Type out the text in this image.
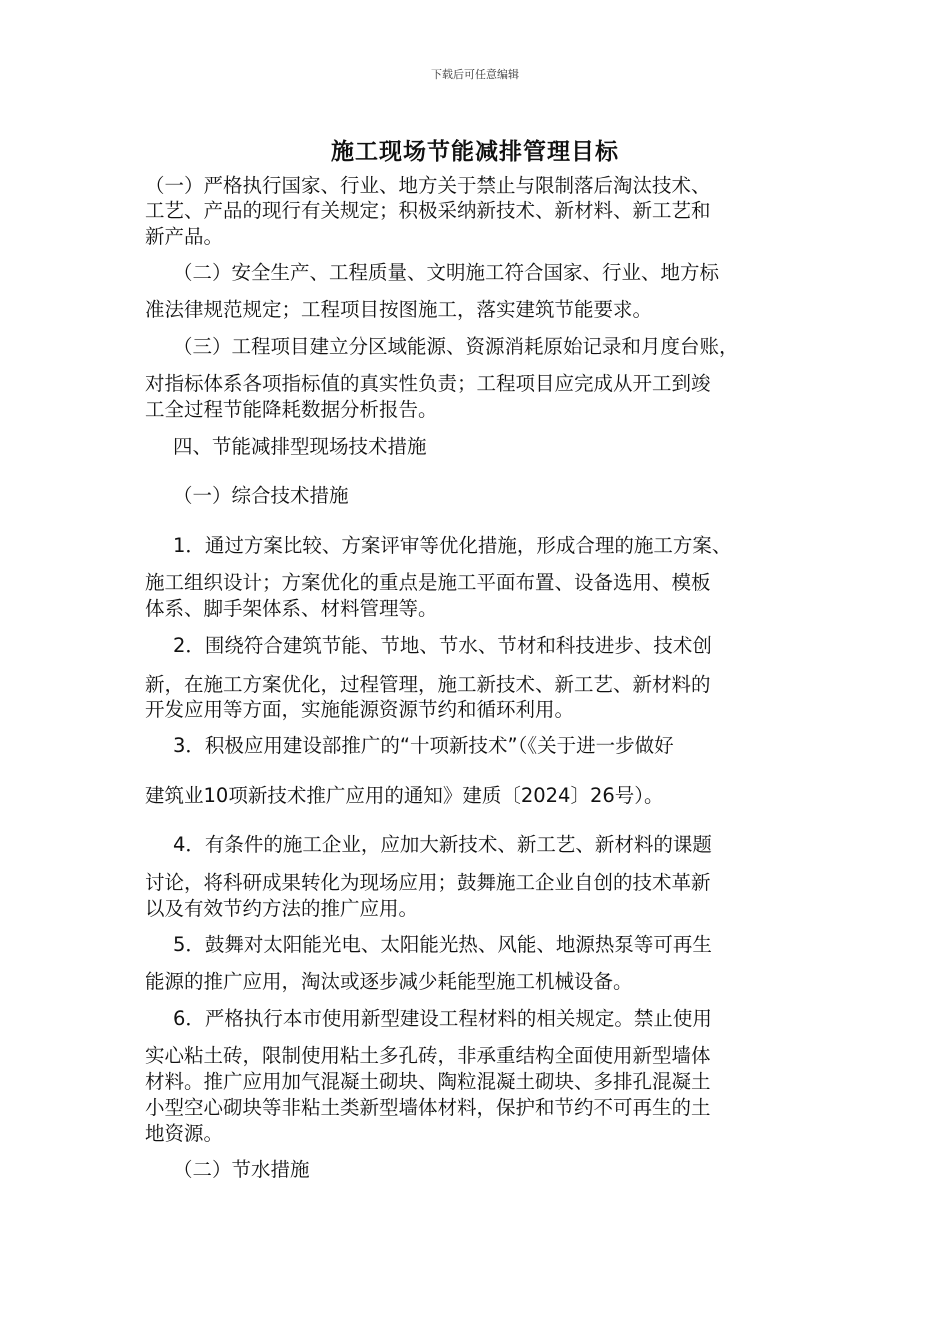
下载后可任意编辑
施工现场节能减排管理目标
（一）严格执行国家、行业、地方关于禁止与限制落后淘汰技术、
工艺、产品的现行有关规定；积极采纳新技术、新材料、新工艺和
新产品。
（二）安全生产、工程质量、文明施工符合国家、行业、地方标
准法律规范规定；工程项目按图施工，落实建筑节能要求。
（三）工程项目建立分区域能源、资源消耗原始记录和月度台账，
对指标体系各项指标值的真实性负责；工程项目应完成从开工到竣
工全过程节能降耗数据分析报告。
四、节能减排型现场技术措施
（一）综合技术措施
1．通过方案比较、方案评审等优化措施，形成合理的施工方案、
施工组织设计；方案优化的重点是施工平面布置、设备选用、模板
体系、脚手架体系、材料管理等。
2．围绕符合建筑节能、节地、节水、节材和科技进步、技术创
新，在施工方案优化，过程管理，施工新技术、新工艺、新材料的
开发应用等方面，实施能源资源节约和循环利用。
3．积极应用建设部推广的“十项新技术”（《关于进一步做好
建筑业10项新技术推广应用的通知》建质〔2024〕26号）。
4．有条件的施工企业，应加大新技术、新工艺、新材料的课题
讨论，将科研成果转化为现场应用；鼓舞施工企业自创的技术革新
以及有效节约方法的推广应用。
5．鼓舞对太阳能光电、太阳能光热、风能、地源热泵等可再生
能源的推广应用，淘汰或逐步减少耗能型施工机械设备。
6．严格执行本市使用新型建设工程材料的相关规定。禁止使用
实心粘土砖，限制使用粘土多孔砖，非承重结构全面使用新型墙体
材料。推广应用加气混凝土砌块、陶粒混凝土砌块、多排孔混凝土
小型空心砌块等非粘土类新型墙体材料，保护和节约不可再生的土
地资源。
（二）节水措施
